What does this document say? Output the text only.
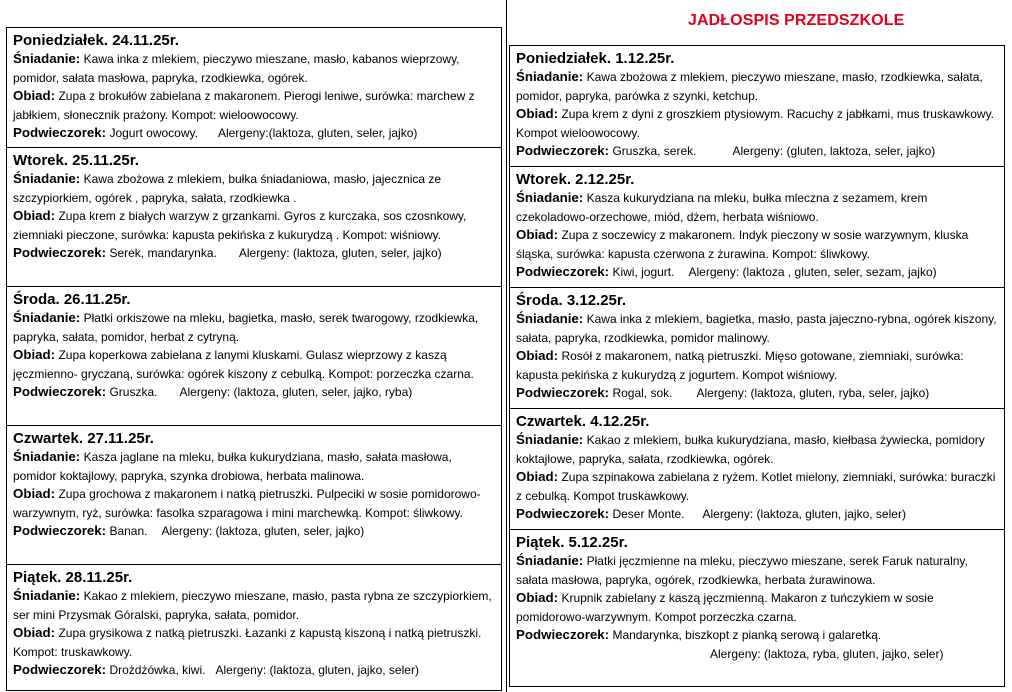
JADŁOSPIS PRZEDSZKOLE
Poniedziałek. 24.11.25r.
Śniadanie: Kawa inka z mlekiem, pieczywo mieszane, masło, kabanos wieprzowy, pomidor, sałata masłowa, papryka, rzodkiewka, ogórek.
Obiad: Zupa z brokułów zabielana z makaronem. Pierogi leniwe, surówka: marchew z jabłkiem, słonecznik prażony. Kompot: wieloowocowy.
Podwieczorek: Jogurt owocowy. Alergeny:(laktoza, gluten, seler, jajko)
Wtorek. 25.11.25r.
Śniadanie: Kawa zbożowa z mlekiem, bułka śniadaniowa, masło, jajecznica ze szczypiorkiem, ogórek , papryka, sałata, rzodkiewka .
Obiad: Zupa krem z białych warzyw z grzankami. Gyros z kurczaka, sos czosnkowy, ziemniaki pieczone, surówka: kapusta pekińska z kukurydzą . Kompot: wiśniowy.
Podwieczorek: Serek, mandarynka. Alergeny: (laktoza, gluten, seler, jajko)
Środa. 26.11.25r.
Śniadanie: Płatki orkiszowe na mleku, bagietka, masło, serek twarogowy, rzodkiewka, papryka, sałata, pomidor, herbat z cytryną.
Obiad: Zupa koperkowa zabielana z lanymi kluskami. Gulasz wieprzowy z kaszą jęczmienno- gryczaną, surówka: ogórek kiszony z cebulką. Kompot: porzeczka czarna.
Podwieczorek: Gruszka. Alergeny: (laktoza, gluten, seler, jajko, ryba)
Czwartek. 27.11.25r.
Śniadanie: Kasza jaglane na mleku, bułka kukurydziana, masło, sałata masłowa, pomidor koktajlowy, papryka, szynka drobiowa, herbata malinowa.
Obiad: Zupa grochowa z makaronem i natką pietruszki. Pulpeciki w sosie pomidorowo-warzywnym, ryż, surówka: fasolka szparagowa i mini marchewką. Kompot: śliwkowy.
Podwieczorek: Banan. Alergeny: (laktoza, gluten, seler, jajko)
Piątek. 28.11.25r.
Śniadanie: Kakao z mlekiem, pieczywo mieszane, masło, pasta rybna ze szczypiorkiem, ser mini Przysmak Góralski, papryka, sałata, pomidor.
Obiad: Zupa grysikowa z natką pietruszki. Łazanki z kapustą kiszoną i natką pietruszki. Kompot: truskawkowy.
Podwieczorek: Drożdżówka, kiwi. Alergeny: (laktoza, gluten, jajko, seler)
Poniedziałek. 1.12.25r.
Śniadanie: Kawa zbożowa z mlekiem, pieczywo mieszane, masło, rzodkiewka, sałata, pomidor, papryka, parówka z szynki, ketchup.
Obiad: Zupa krem z dyni z groszkiem ptysiowym. Racuchy z jabłkami, mus truskawkowy. Kompot wieloowocowy.
Podwieczorek: Gruszka, serek.	Alergeny: (gluten, laktoza, seler, jajko)
Wtorek. 2.12.25r.
Śniadanie: Kasza kukurydziana na mleku, bułka mleczna z sezamem, krem czekoladowo-orzechowe, miód, dżem, herbata wiśniowo.
Obiad: Zupa z soczewicy z makaronem. Indyk pieczony w sosie warzywnym, kluska śląska, surówka: kapusta czerwona z żurawina. Kompot: śliwkowy.
Podwieczorek: Kiwi, jogurt. Alergeny: (laktoza , gluten, seler, sezam, jajko)
Środa. 3.12.25r.
Śniadanie: Kawa inka z mlekiem, bagietka, masło, pasta jajeczno-rybna, ogórek kiszony, sałata, papryka, rzodkiewka, pomidor malinowy.
Obiad: Rosół z makaronem, natką pietruszki. Mięso gotowane, ziemniaki, surówka: kapusta pekińska z kukurydzą z jogurtem. Kompot wiśniowy.
Podwieczorek: Rogal, sok. Alergeny: (laktoza, gluten, ryba, seler, jajko)
Czwartek. 4.12.25r.
Śniadanie: Kakao z mlekiem, bułka kukurydziana, masło, kiełbasa żywiecka, pomidory koktajlowe, papryka, sałata, rzodkiewka, ogórek.
Obiad: Zupa szpinakowa zabielana z ryżem. Kotlet mielony, ziemniaki, surówka: buraczki z cebulką. Kompot truskawkowy.
Podwieczorek: Deser Monte. Alergeny: (laktoza, gluten, jajko, seler)
Piątek. 5.12.25r.
Śniadanie: Płatki jęczmienne na mleku, pieczywo mieszane, serek Faruk naturalny, sałata masłowa, papryka, ogórek, rzodkiewka, herbata żurawinowa.
Obiad: Krupnik zabielany z kaszą jęczmienną. Makaron z tuńczykiem w sosie pomidorowo-warzywnym. Kompot porzeczka czarna.
Podwieczorek: Mandarynka, biszkopt z pianką serową i galaretką.
Alergeny: (laktoza, ryba, gluten, jajko, seler)
